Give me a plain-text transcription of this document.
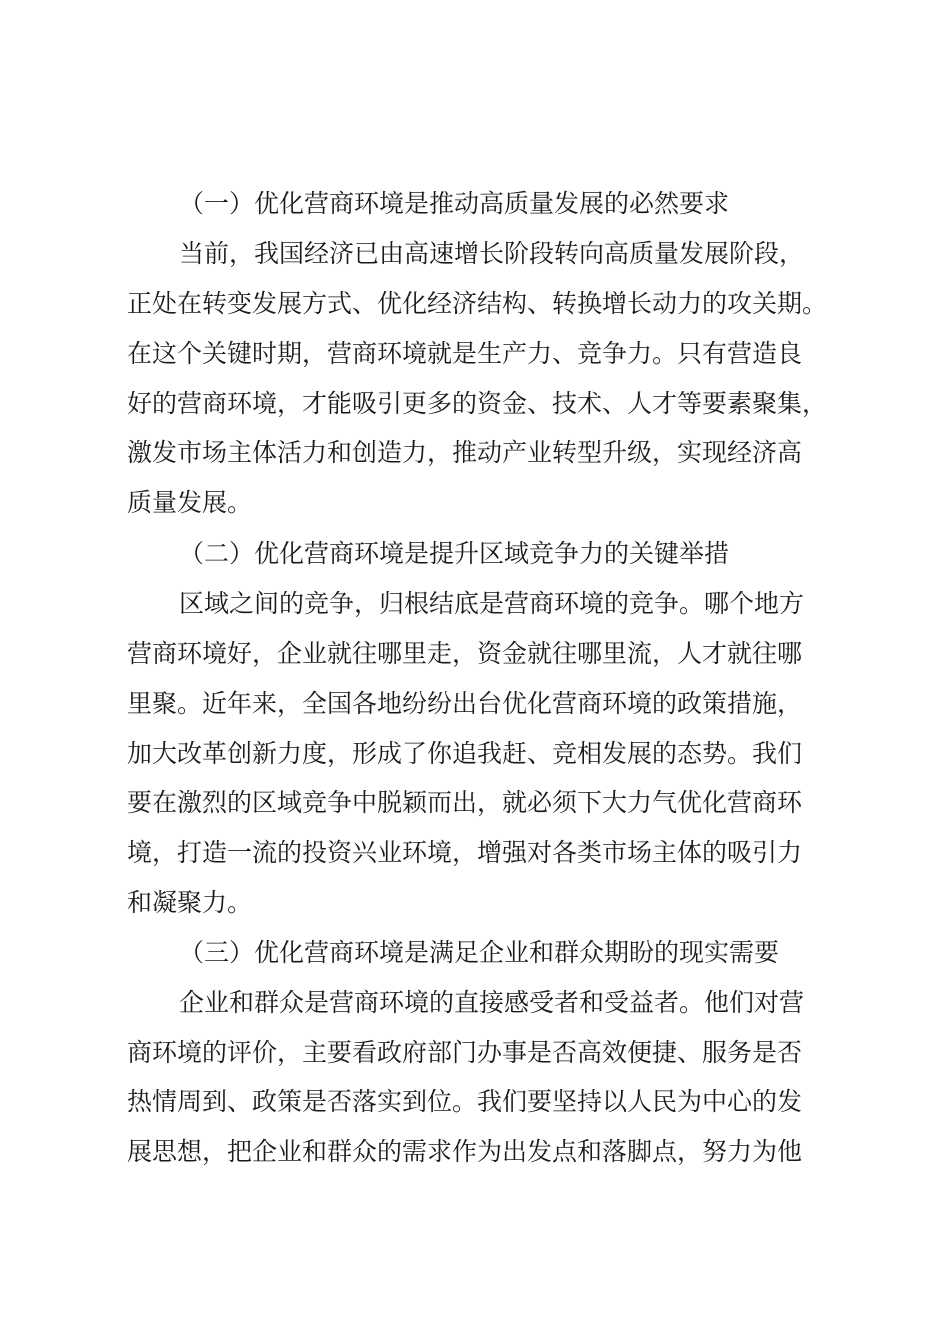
（一）优化营商环境是推动高质量发展的必然要求
当前，我国经济已由高速增长阶段转向高质量发展阶段，
正处在转变发展方式、优化经济结构、转换增长动力的攻关期。
在这个关键时期，营商环境就是生产力、竞争力。只有营造良
好的营商环境，才能吸引更多的资金、技术、人才等要素聚集，
激发市场主体活力和创造力，推动产业转型升级，实现经济高
质量发展。
（二）优化营商环境是提升区域竞争力的关键举措
区域之间的竞争，归根结底是营商环境的竞争。哪个地方
营商环境好，企业就往哪里走，资金就往哪里流，人才就往哪
里聚。近年来，全国各地纷纷出台优化营商环境的政策措施，
加大改革创新力度，形成了你追我赶、竞相发展的态势。我们
要在激烈的区域竞争中脱颖而出，就必须下大力气优化营商环
境，打造一流的投资兴业环境，增强对各类市场主体的吸引力
和凝聚力。
（三）优化营商环境是满足企业和群众期盼的现实需要
企业和群众是营商环境的直接感受者和受益者。他们对营
商环境的评价，主要看政府部门办事是否高效便捷、服务是否
热情周到、政策是否落实到位。我们要坚持以人民为中心的发
展思想，把企业和群众的需求作为出发点和落脚点，努力为他
